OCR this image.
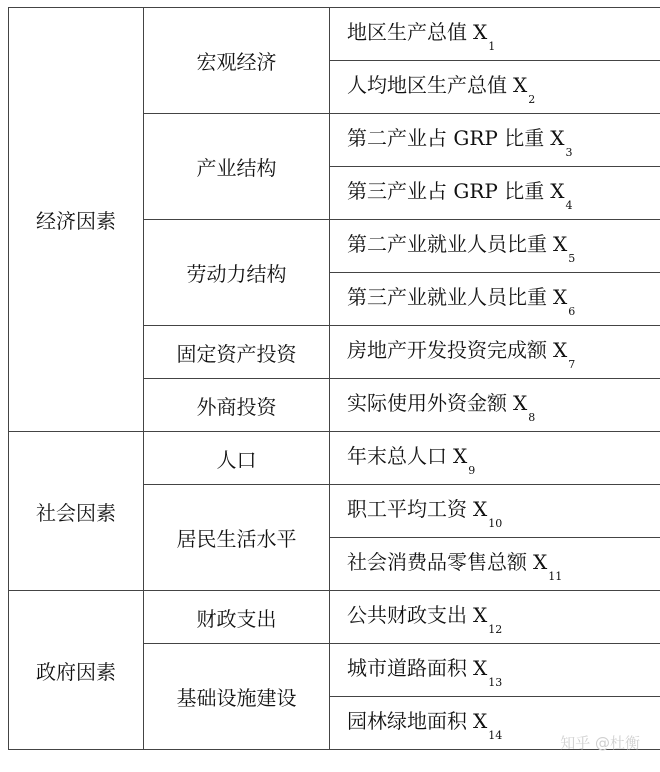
经济因素	宏观经济	地区生产总值 $X_1$
		人均地区生产总值 $X_2$
	产业结构	第二产业占 GRP 比重 $X_3$
		第三产业占 GRP 比重 $X_4$
	劳动力结构	第二产业就业人员比重 $X_5$
		第三产业就业人员比重 $X_6$
	固定资产投资	房地产开发投资完成额 $X_7$
	外商投资	实际使用外资金额 $X_8$
社会因素	人口	年末总人口 $X_9$
	居民生活水平	职工平均工资 $X_{10}$
		社会消费品零售总额 $X_{11}$
政府因素	财政支出	公共财政支出 $X_{12}$
	基础设施建设	城市道路面积 $X_{13}$
		园林绿地面积 $X_{14}$	知乎 @杜衡
